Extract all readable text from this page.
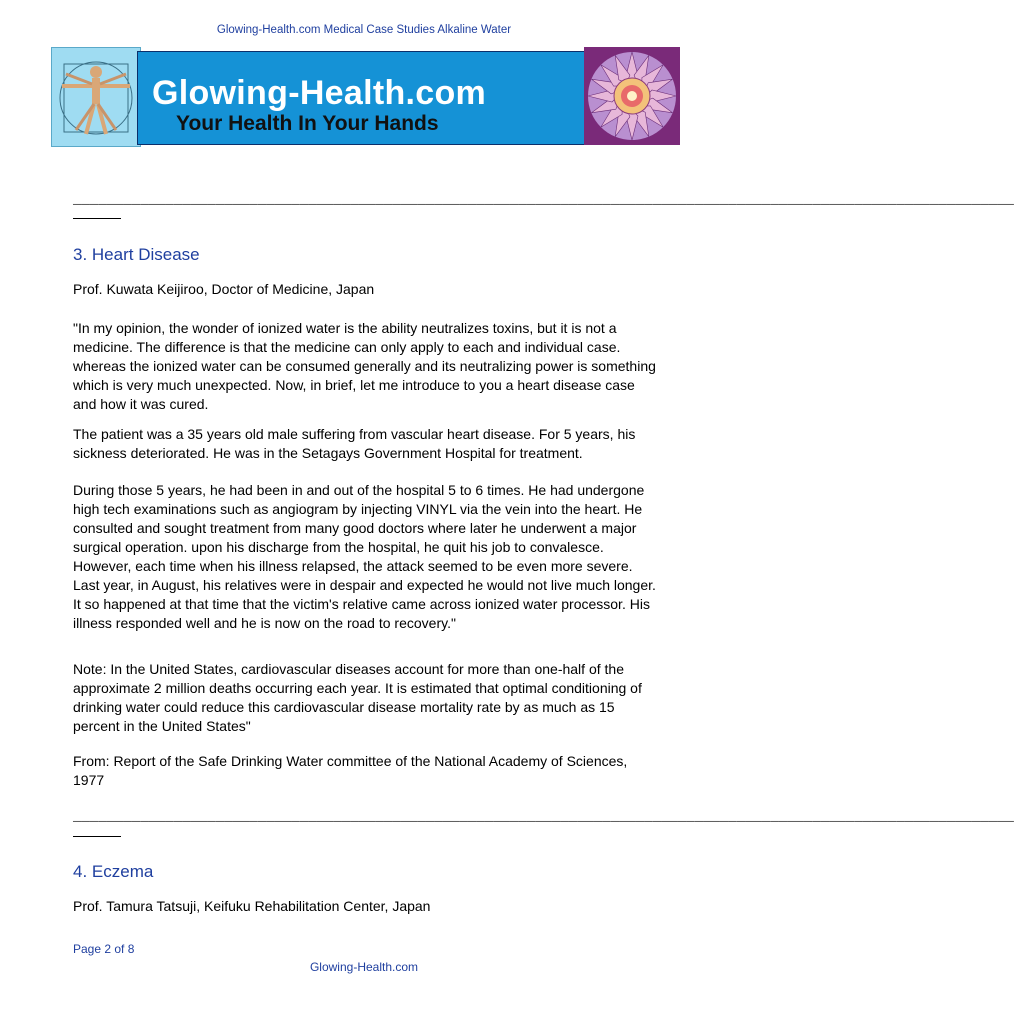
Glowing-Health.com Medical Case Studies Alkaline Water
Glowing-Health.com
Your Health In Your Hands
________________________________________________________________________________________________________________
3. Heart Disease
Prof. Kuwata Keijiroo, Doctor of Medicine, Japan
"In my opinion, the wonder of ionized water is the ability neutralizes toxins, but it is not a medicine. The difference is that the medicine can only apply to each and individual case. whereas the ionized water can be consumed generally and its neutralizing power is something which is very much unexpected. Now, in brief, let me introduce to you a heart disease case and how it was cured.
The patient was a 35 years old male suffering from vascular heart disease. For 5 years, his sickness deteriorated. He was in the Setagays Government Hospital for treatment.
During those 5 years, he had been in and out of the hospital 5 to 6 times. He had undergone high tech examinations such as angiogram by injecting VINYL via the vein into the heart. He consulted and sought treatment from many good doctors where later he underwent a major surgical operation. upon his discharge from the hospital, he quit his job to convalesce. However, each time when his illness relapsed, the attack seemed to be even more severe. Last year, in August, his relatives were in despair and expected he would not live much longer. It so happened at that time that the victim's relative came across ionized water processor. His illness responded well and he is now on the road to recovery."
Note: In the United States, cardiovascular diseases account for more than one-half of the approximate 2 million deaths occurring each year. It is estimated that optimal conditioning of drinking water could reduce this cardiovascular disease mortality rate by as much as 15 percent in the United States"
From: Report of the Safe Drinking Water committee of the National Academy of Sciences, 1977
________________________________________________________________________________________________________________
4. Eczema
Prof. Tamura Tatsuji, Keifuku Rehabilitation Center, Japan
Page 2 of 8
Glowing-Health.com
